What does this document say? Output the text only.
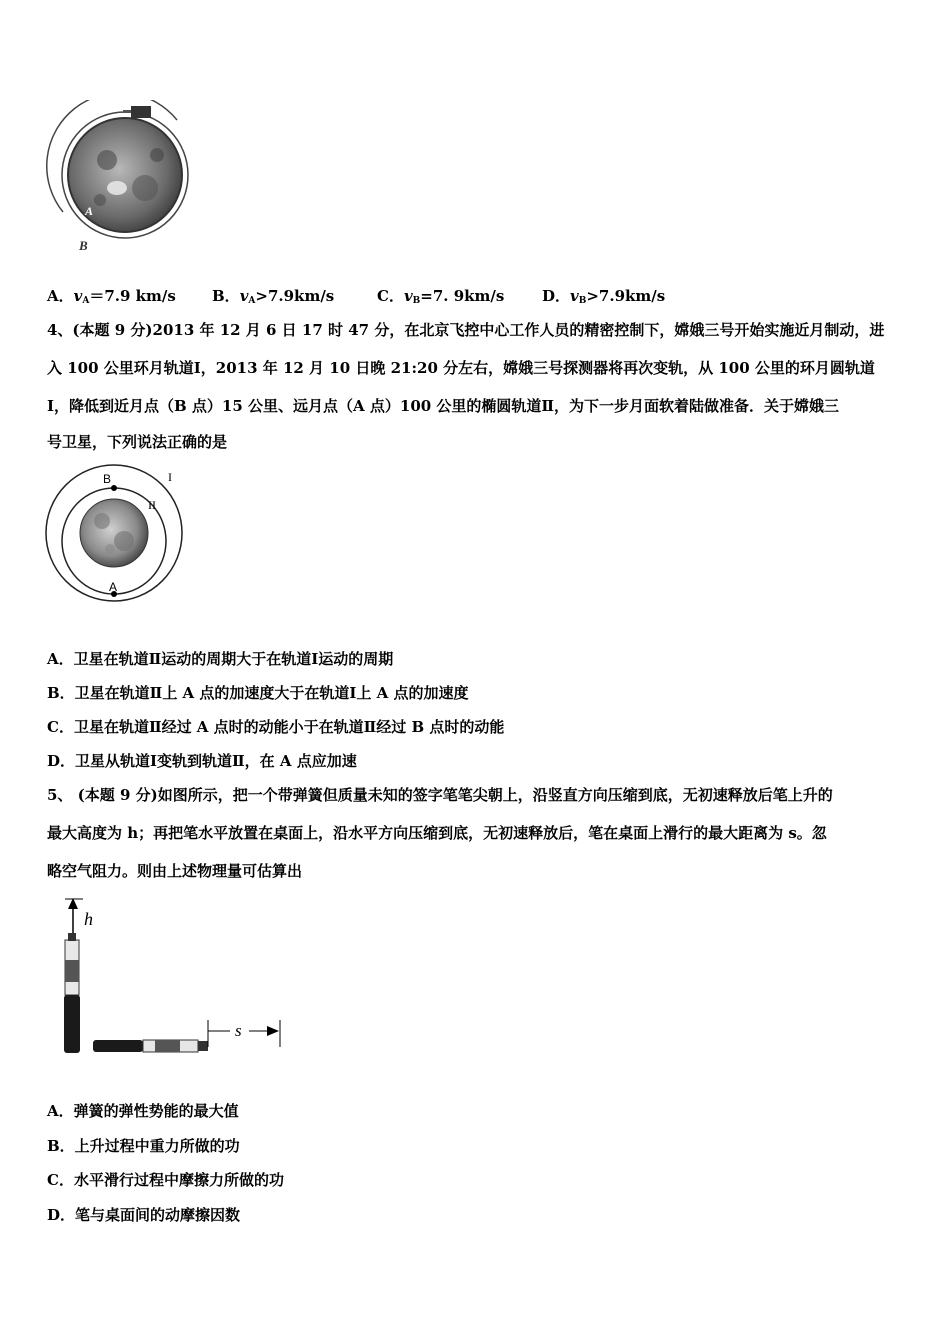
A
B
A．$v_A=7.9$ km/s B．$v_A>7.9km/s$	C．$v_B=7$. 9km/s	D．$v_B>7.9km/s$
4、(本题 9 分)2013 年 12 月 6 日 17 时 47 分，在北京飞控中心工作人员的精密控制下，嫦娥三号开始实施近月制动，进
入 100 公里环月轨道Ⅰ，2013 年 12 月 10 日晚 21:20 分左右，嫦娥三号探测器将再次变轨，从 100 公里的环月圆轨道
Ⅰ，降低到近月点（B 点）15 公里、远月点（A 点）100 公里的椭圆轨道Ⅱ，为下一步月面软着陆做准备．关于嫦娥三
号卫星，下列说法正确的是
B	I
II
A
A．卫星在轨道Ⅱ运动的周期大于在轨道Ⅰ运动的周期
B．卫星在轨道Ⅱ上 A 点的加速度大于在轨道Ⅰ上 A 点的加速度
C．卫星在轨道Ⅱ经过 A 点时的动能小于在轨道Ⅱ经过 B 点时的动能
D．卫星从轨道Ⅰ变轨到轨道Ⅱ，在 A 点应加速
5、 (本题 9 分)如图所示，把一个带弹簧但质量未知的签字笔笔尖朝上，沿竖直方向压缩到底，无初速释放后笔上升的
最大高度为 h；再把笔水平放置在桌面上，沿水平方向压缩到底，无初速释放后，笔在桌面上滑行的最大距离为 s。忽
略空气阻力。则由上述物理量可估算出
h
s
A．弹簧的弹性势能的最大值
B．上升过程中重力所做的功
C．水平滑行过程中摩擦力所做的功
D．笔与桌面间的动摩擦因数
